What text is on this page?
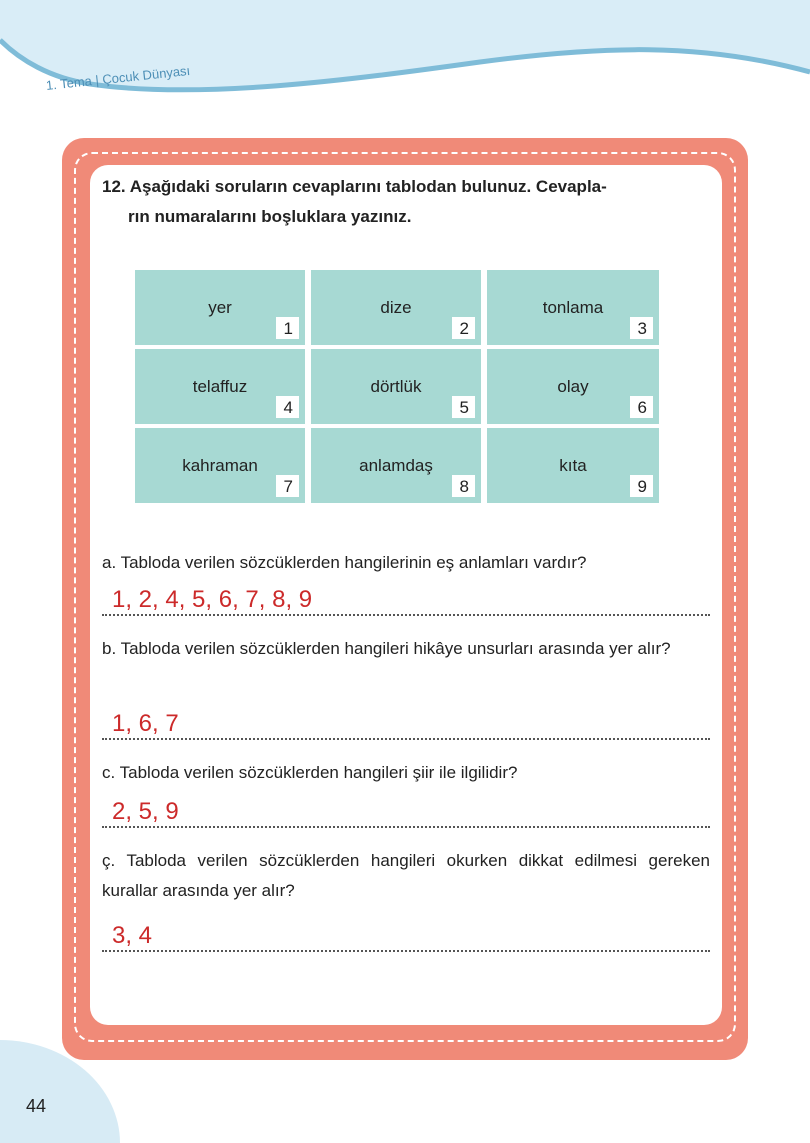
1. Tema | Çocuk Dünyası
12. Aşağıdaki soruların cevaplarını tablodan bulunuz. Cevapla-
rın numaralarını boşluklara yazınız.
yer
1
dize
2
tonlama
3
telaffuz
4
dörtlük
5
olay
6
kahraman
7
anlamdaş
8
kıta
9
a. Tabloda verilen sözcüklerden hangilerinin eş anlamları vardır?
1, 2, 4, 5, 6, 7, 8, 9
b. Tabloda verilen sözcüklerden hangileri hikâye unsurları arasında yer alır?
1, 6, 7
c. Tabloda verilen sözcüklerden hangileri şiir ile ilgilidir?
2, 5, 9
ç. Tabloda verilen sözcüklerden hangileri okurken dikkat edilmesi gereken kurallar arasında yer alır?
3, 4
44
